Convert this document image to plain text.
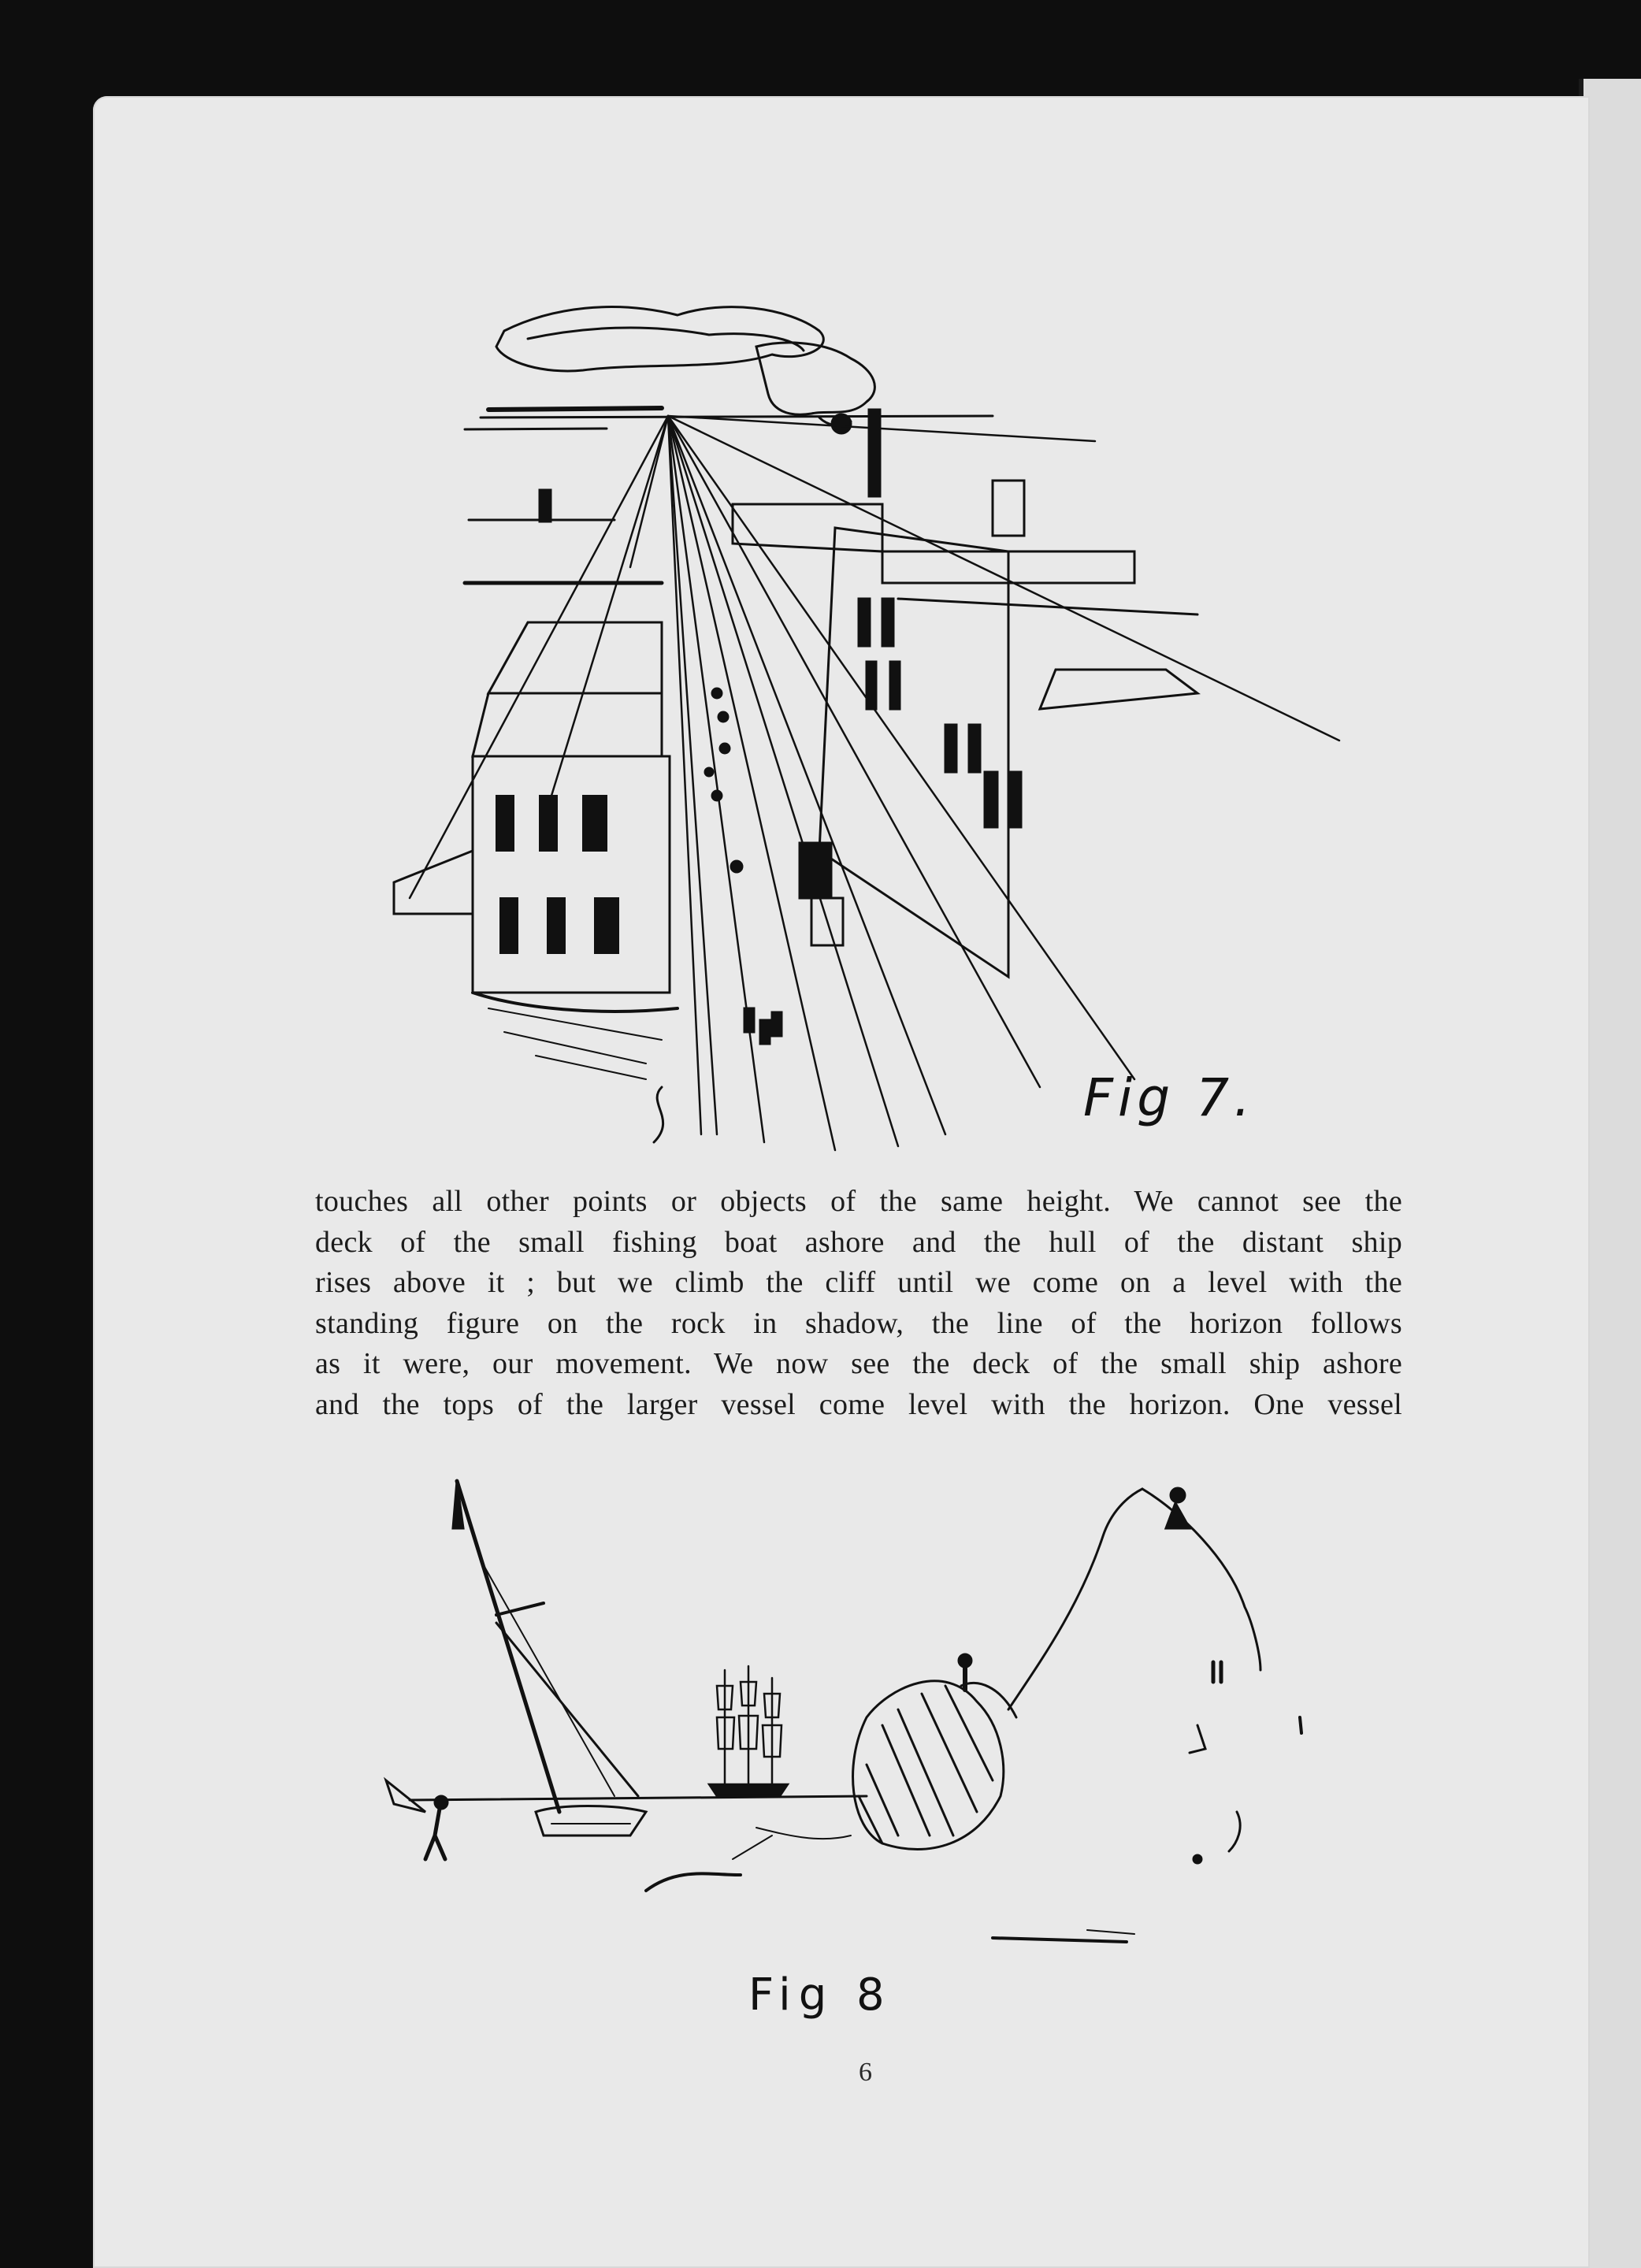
Fig 7.
touches all other points or objects of the same height. We cannot see the
deck of the small fishing boat ashore and the hull of the distant ship
rises above it ; but we climb the cliff until we come on a level with the
standing figure on the rock in shadow, the line of the horizon follows
as it were, our movement. We now see the deck of the small ship ashore
and the tops of the larger vessel come level with the horizon. One vessel
Fig 8
6
